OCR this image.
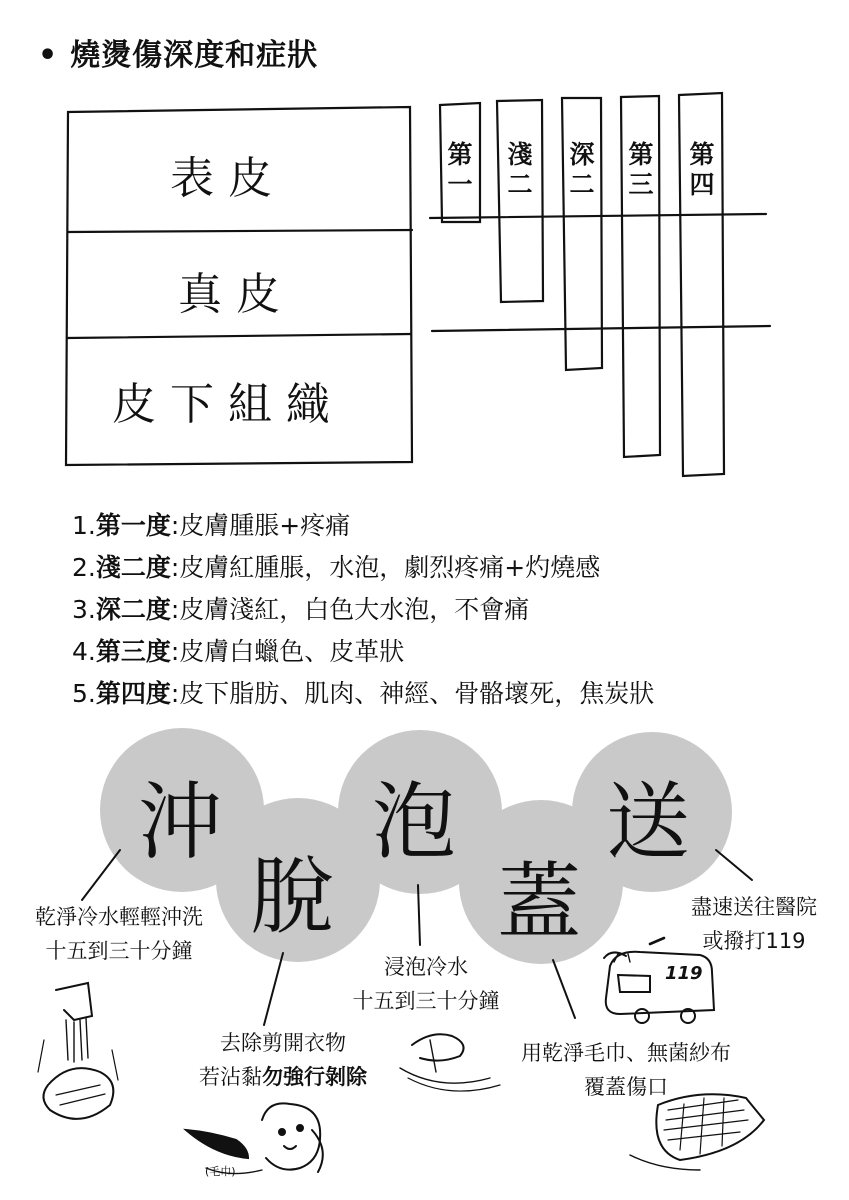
• 燒燙傷深度和症狀
表皮
真皮
皮下組織
第一
淺二
深二
第三
第四
1.第一度:皮膚腫脹+疼痛
2.淺二度:皮膚紅腫脹，水泡，劇烈疼痛+灼燒感
3.深二度:皮膚淺紅，白色大水泡，不會痛
4.第三度:皮膚白蠟色、皮革狀
5.第四度:皮下脂肪、肌肉、神經、骨骼壞死，焦炭狀
沖
脫
泡
蓋
送
乾淨冷水輕輕沖洗
十五到三十分鐘
去除剪開衣物
若沾黏勿強行剝除
浸泡冷水
十五到三十分鐘
用乾淨毛巾、無菌紗布
覆蓋傷口
盡速送往醫院
或撥打119
119
(毛巾)
